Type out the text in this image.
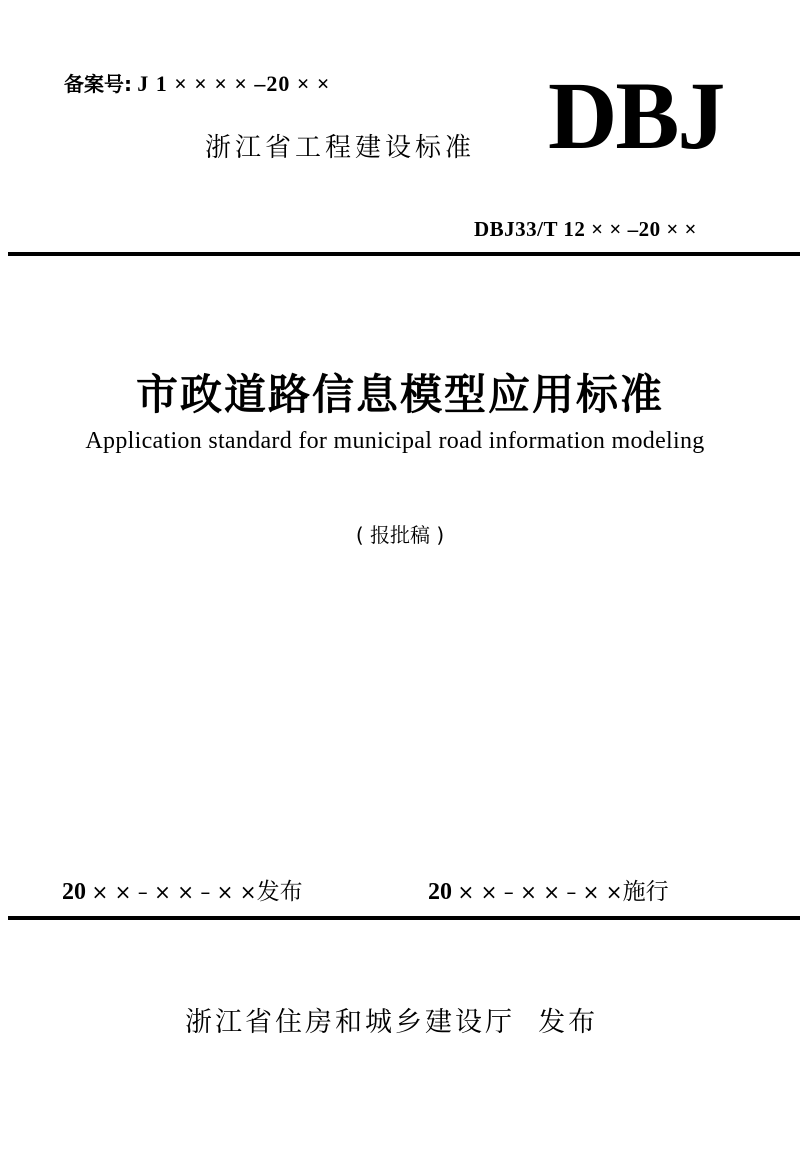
备案号: J 1 × × × × –20 × ×
浙江省工程建设标准 DBJ
DBJ33/T 12 × × –20 × ×
市政道路信息模型应用标准
Application standard for municipal road information modeling
( 报批稿 )
20 × × – × × – × ×发布	20 × × – × × – × ×施行
浙江省住房和城乡建设厅 发布
